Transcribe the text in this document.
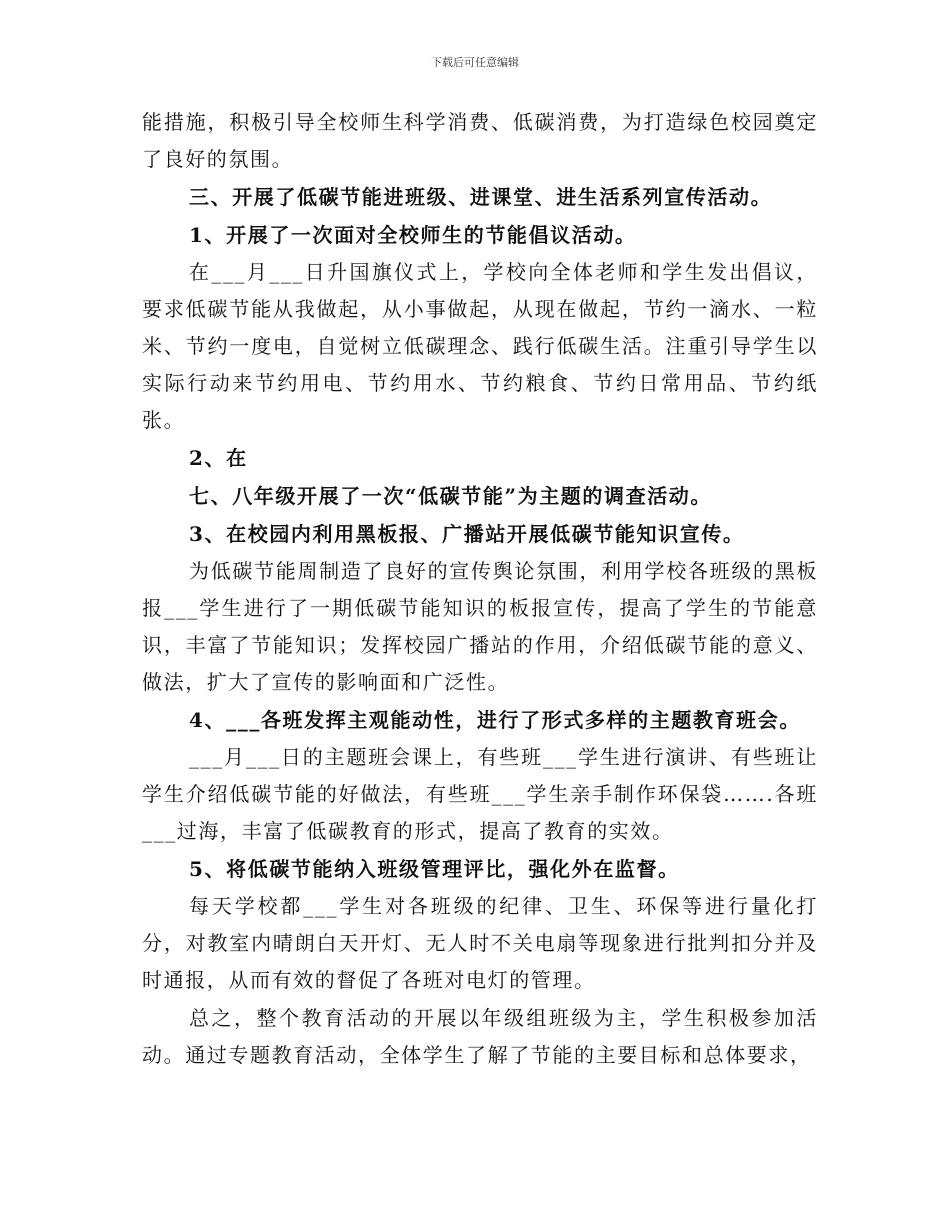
下载后可任意编辑

能措施，积极引导全校师生科学消费、低碳消费，为打造绿色校园奠定了良好的氛围。

三、开展了低碳节能进班级、进课堂、进生活系列宣传活动。

1、开展了一次面对全校师生的节能倡议活动。

在___月___日升国旗仪式上，学校向全体老师和学生发出倡议，要求低碳节能从我做起，从小事做起，从现在做起，节约一滴水、一粒米、节约一度电，自觉树立低碳理念、践行低碳生活。注重引导学生以实际行动来节约用电、节约用水、节约粮食、节约日常用品、节约纸张。

2、在

七、八年级开展了一次“低碳节能”为主题的调查活动。

3、在校园内利用黑板报、广播站开展低碳节能知识宣传。

为低碳节能周制造了良好的宣传舆论氛围，利用学校各班级的黑板报___学生进行了一期低碳节能知识的板报宣传，提高了学生的节能意识，丰富了节能知识；发挥校园广播站的作用，介绍低碳节能的意义、做法，扩大了宣传的影响面和广泛性。

4、___各班发挥主观能动性，进行了形式多样的主题教育班会。

___月___日的主题班会课上，有些班___学生进行演讲、有些班让学生介绍低碳节能的好做法，有些班___学生亲手制作环保袋…….各班___过海，丰富了低碳教育的形式，提高了教育的实效。

5、将低碳节能纳入班级管理评比，强化外在监督。

每天学校都___学生对各班级的纪律、卫生、环保等进行量化打分，对教室内晴朗白天开灯、无人时不关电扇等现象进行批判扣分并及时通报，从而有效的督促了各班对电灯的管理。

总之，整个教育活动的开展以年级组班级为主，学生积极参加活动。通过专题教育活动，全体学生了解了节能的主要目标和总体要求，
